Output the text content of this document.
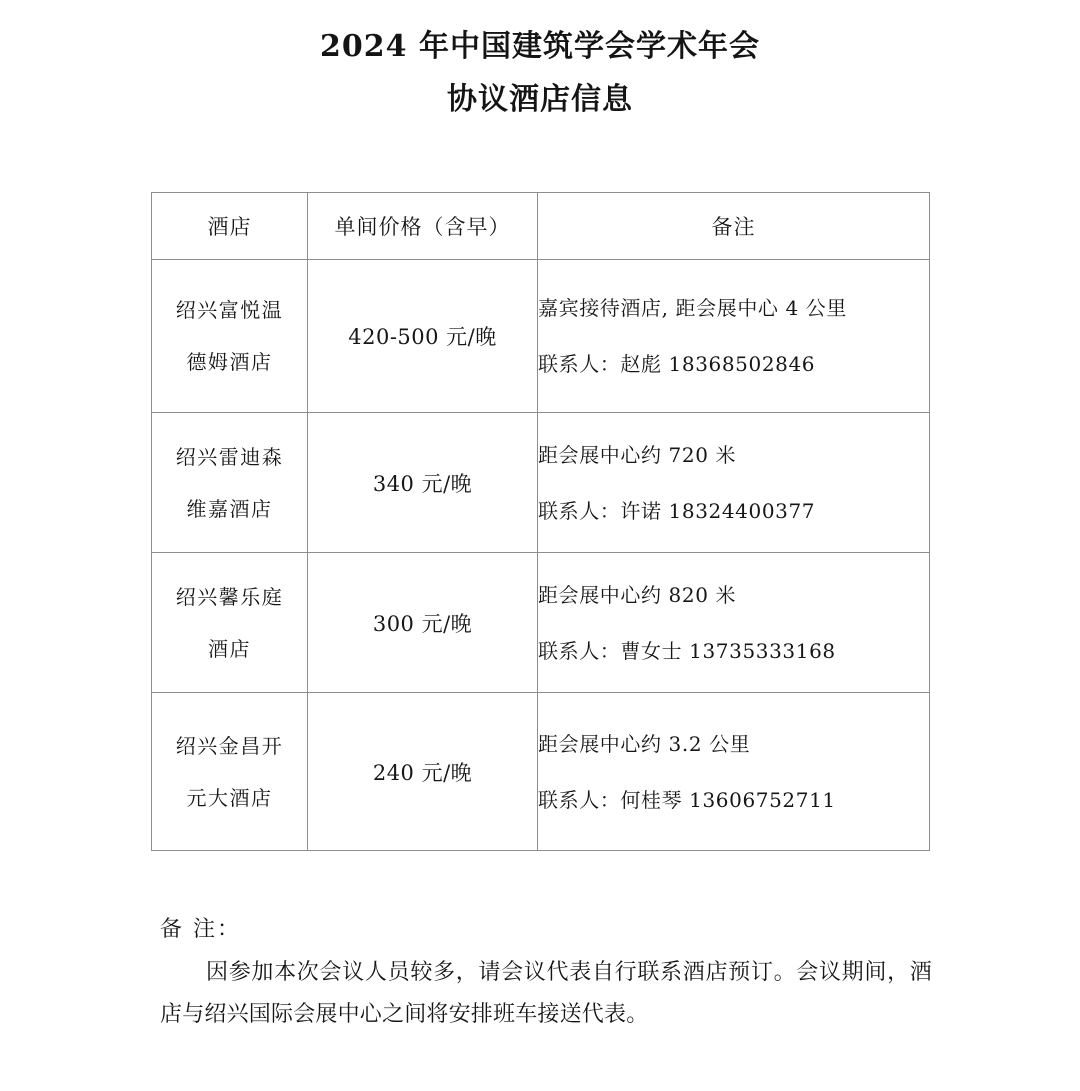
2024 年中国建筑学会学术年会
协议酒店信息
酒店	单间价格（含早）	备注

绍兴富悦温
德姆酒店	420-500 元/晚	嘉宾接待酒店, 距会展中心 4 公里
联系人：赵彪 18368502846

绍兴雷迪森
维嘉酒店	340 元/晚	距会展中心约 720 米
联系人：许诺 18324400377

绍兴馨乐庭
酒店	300 元/晚	距会展中心约 820 米
联系人：曹女士 13735333168

绍兴金昌开
元大酒店	240 元/晚	距会展中心约 3.2 公里
联系人：何桂琴 13606752711
备 注：
因参加本次会议人员较多，请会议代表自行联系酒店预订。会议期间，酒店与绍兴国际会展中心之间将安排班车接送代表。
